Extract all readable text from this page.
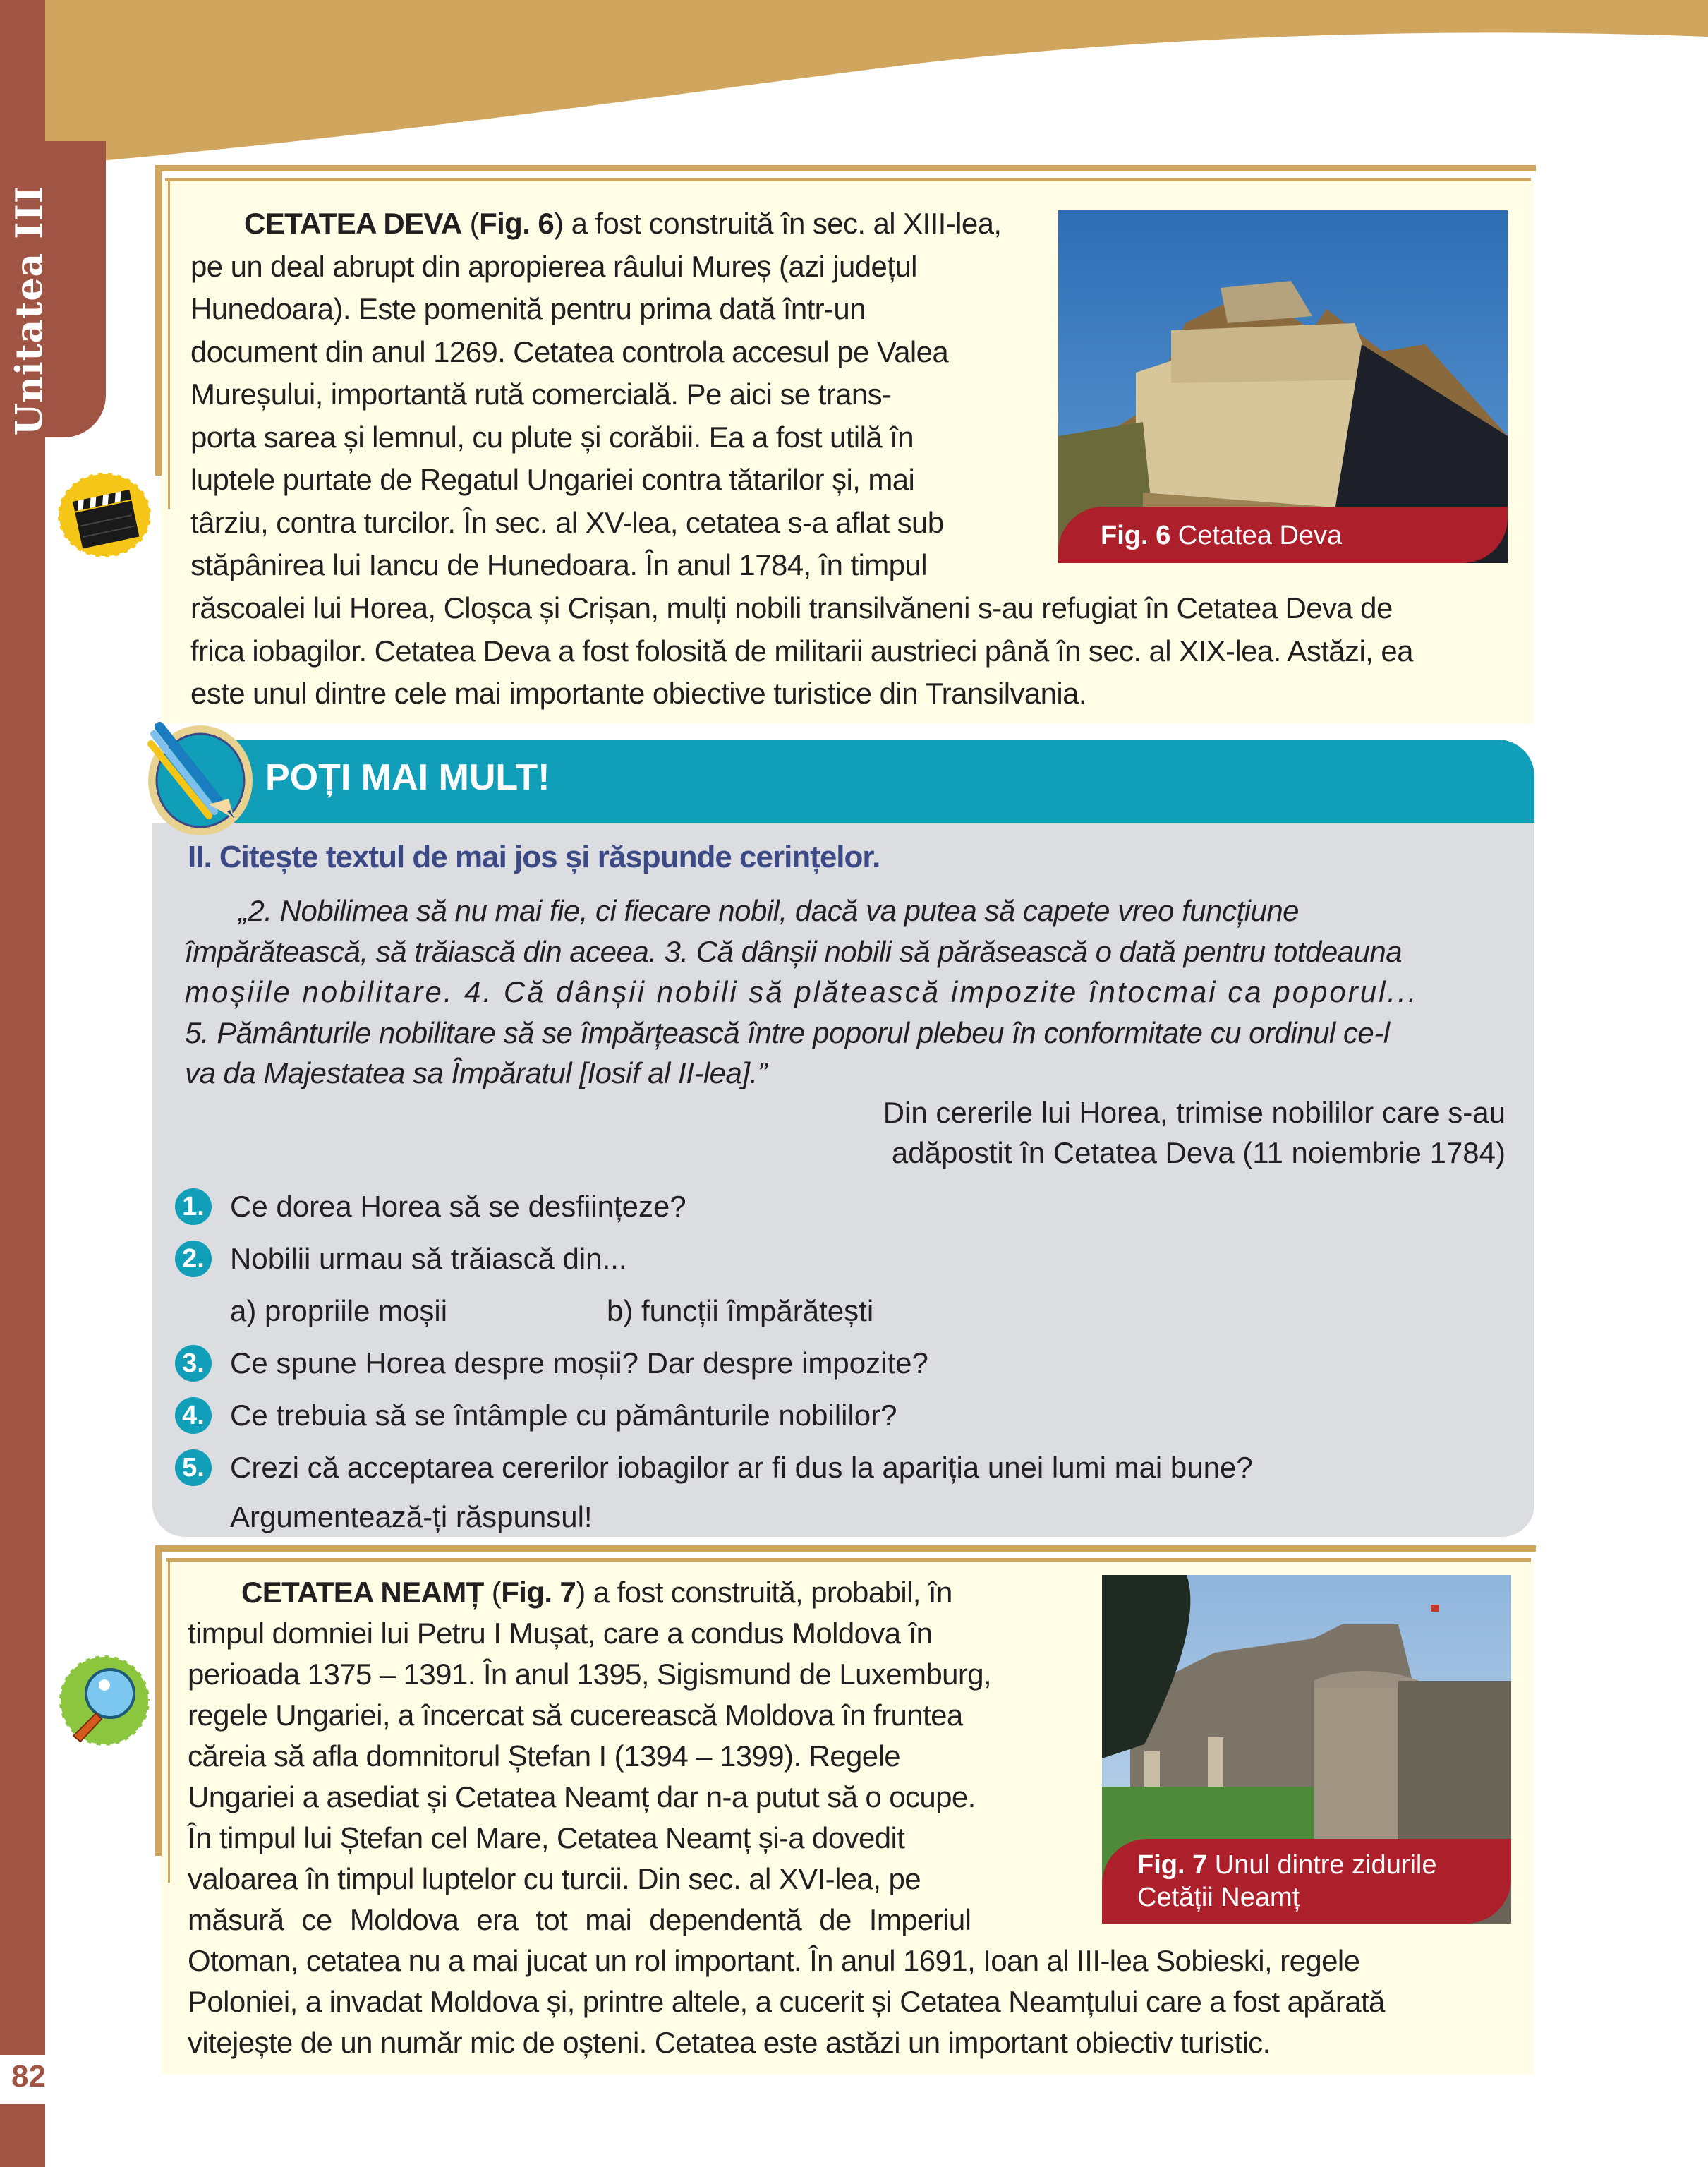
Unitatea III
82

CETATEA DEVA (Fig. 6) a fost construită în sec. al XIII-lea,

pe un deal abrupt din apropierea râului Mureș (azi județul

Hunedoara). Este pomenită pentru prima dată într-un

document din anul 1269. Cetatea controla accesul pe Valea

Mureșului, importantă rută comercială. Pe aici se trans-

porta sarea și lemnul, cu plute și corăbii. Ea a fost utilă în

luptele purtate de Regatul Ungariei contra tătarilor și, mai

târziu, contra turcilor. În sec. al XV-lea, cetatea s-a aflat sub

stăpânirea lui Iancu de Hunedoara. În anul 1784, în timpul

răscoalei lui Horea, Cloșca și Crișan, mulți nobili transilvăneni s-au refugiat în Cetatea Deva de

frica iobagilor. Cetatea Deva a fost folosită de militarii austrieci până în sec. al XIX-lea. Astăzi, ea

este unul dintre cele mai importante obiective turistice din Transilvania.

Fig. 6 Cetatea Deva
POȚI MAI MULT!
II. Citește textul de mai jos și răspunde cerințelor.

„2. Nobilimea să nu mai fie, ci fiecare nobil, dacă va putea să capete vreo funcțiune

împărătească, să trăiască din aceea. 3. Că dânșii nobili să părăsească o dată pentru totdeauna

moșiile nobilitare. 4. Că dânșii nobili să plătească impozite întocmai ca poporul...

5. Pământurile nobilitare să se împărțească între poporul plebeu în conformitate cu ordinul ce-l

va da Majestatea sa Împăratul [Iosif al II-lea].”

Din cererile lui Horea, trimise nobililor care s-au
adăpostit în Cetatea Deva (11 noiembrie 1784)
1. Ce dorea Horea să se desființeze?
2. Nobilii urmau să trăiască din...
a) propriile moșii	b) funcții împărătești
3. Ce spune Horea despre moșii? Dar despre impozite?
4. Ce trebuia să se întâmple cu pământurile nobililor?
5. Crezi că acceptarea cererilor iobagilor ar fi dus la apariția unei lumi mai bune?
Argumentează-ți răspunsul!

CETATEA NEAMȚ (Fig. 7) a fost construită, probabil, în

timpul domniei lui Petru I Mușat, care a condus Moldova în

perioada 1375 – 1391. În anul 1395, Sigismund de Luxemburg,

regele Ungariei, a încercat să cucerească Moldova în fruntea

căreia să afla domnitorul Ștefan I (1394 – 1399). Regele

Ungariei a asediat și Cetatea Neamț dar n-a putut să o ocupe.

În timpul lui Ștefan cel Mare, Cetatea Neamț și-a dovedit

valoarea în timpul luptelor cu turcii. Din sec. al XVI-lea, pe

măsură ce Moldova era tot mai dependentă de Imperiul

Otoman, cetatea nu a mai jucat un rol important. În anul 1691, Ioan al III-lea Sobieski, regele

Poloniei, a invadat Moldova și, printre altele, a cucerit și Cetatea Neamțului care a fost apărată

vitejește de un număr mic de oșteni. Cetatea este astăzi un important obiectiv turistic.

Fig. 7 Unul dintre zidurile
Cetății Neamț
